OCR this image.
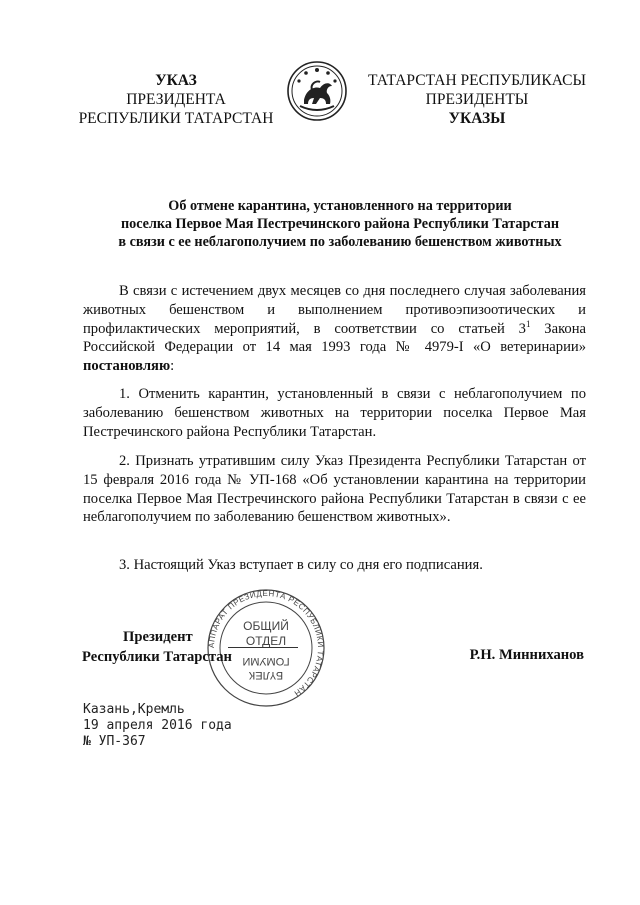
УКАЗ
ПРЕЗИДЕНТА
РЕСПУБЛИКИ ТАТАРСТАН
ТАТАРСТАН РЕСПУБЛИКАСЫ
ПРЕЗИДЕНТЫ
УКАЗЫ
Об отмене карантина, установленного на территории
поселка Первое Мая Пестречинского района Республики Татарстан
в связи с ее неблагополучием по заболеванию бешенством животных

В связи с истечением двух месяцев со дня последнего случая заболевания животных бешенством и выполнением противоэпизоотических и профилактических мероприятий, в соответствии со статьей $3^1$ Закона Российской Федерации от 14 мая 1993 года № 4979-I «О ветеринарии» постановляю:

1. Отменить карантин, установленный в связи с неблагополучием по заболеванию бешенством животных на территории поселка Первое Мая Пестречинского района Республики Татарстан.

2. Признать утратившим силу Указ Президента Республики Татарстан от 15 февраля 2016 года № УП-168 «Об установлении карантина на территории поселка Первое Мая Пестречинского района Республики Татарстан в связи с ее неблагополучием по заболеванию бешенством животных».

3. Настоящий Указ вступает в силу со дня его подписания.

АППАРАТ ПРЕЗИДЕНТА РЕСПУБЛИКИ ТАТАРСТАН
ОБЩИЙ
ОТДЕЛ
БҮЛЕК
ГОМУМИ
Президент
Республики Татарстан	Р.Н. Минниханов
Казань,Кремль
19 апреля 2016 года
№ УП-367
